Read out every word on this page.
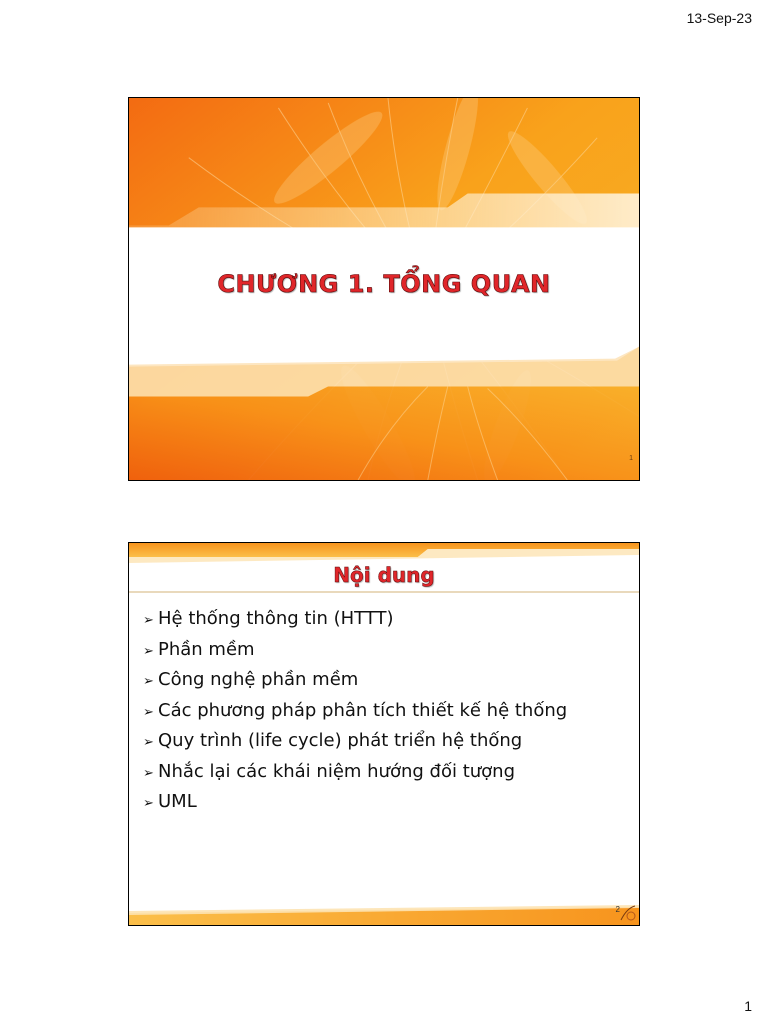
13-Sep-23
CHƯƠNG 1. TỔNG QUAN
1
Nội dung
➢ Hệ thống thông tin (HTTT)
➢ Phần mềm
➢ Công nghệ phần mềm
➢ Các phương pháp phân tích thiết kế hệ thống
➢ Quy trình (life cycle) phát triển hệ thống
➢ Nhắc lại các khái niệm hướng đối tượng
➢ UML
2
1
